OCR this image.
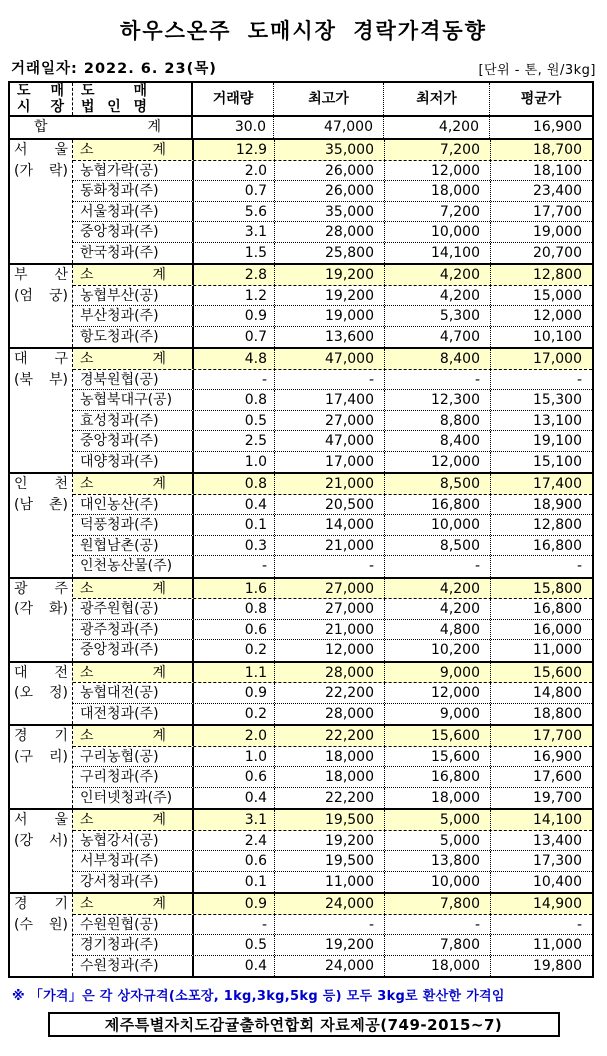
하우스온주 도매시장 경락가격동향
거래일자: 2022. 6. 23(목)	[단위 - 톤, 원/3kg]
도 매
시 장
도	매
법 인 명	거래량	최고가	최저가	평균가
합	계	30.0	47,000	4,200	16,900
서 울
(가 락)
소	계	12.9	35,000	7,200	18,700
농협가락(공)	2.0	26,000	12,000	18,100
동화청과(주)	0.7	26,000	18,000	23,400
서울청과(주)	5.6	35,000	7,200	17,700
중앙청과(주)	3.1	28,000	10,000	19,000
한국청과(주)	1.5	25,800	14,100	20,700
부 산
(엄 궁)
소	계	2.8	19,200	4,200	12,800
농협부산(공)	1.2	19,200	4,200	15,000
부산청과(주)	0.9	19,000	5,300	12,000
항도청과(주)	0.7	13,600	4,700	10,100
대 구
(북 부)
소	계	4.8	47,000	8,400	17,000
경북원협(공)	-	-	-	-
농협북대구(공)	0.8	17,400	12,300	15,300
효성청과(주)	0.5	27,000	8,800	13,100
중앙청과(주)	2.5	47,000	8,400	19,100
대양청과(주)	1.0	17,000	12,000	15,100
인 천
(남 촌)
소	계	0.8	21,000	8,500	17,400
대인농산(주)	0.4	20,500	16,800	18,900
덕풍청과(주)	0.1	14,000	10,000	12,800
원협남촌(공)	0.3	21,000	8,500	16,800
인천농산물(주)	-	-	-	-
광 주
(각 화)
소	계	1.6	27,000	4,200	15,800
광주원협(공)	0.8	27,000	4,200	16,800
광주청과(주)	0.6	21,000	4,800	16,000
중앙청과(주)	0.2	12,000	10,200	11,000
대 전
(오 정)
소	계	1.1	28,000	9,000	15,600
농협대전(공)	0.9	22,200	12,000	14,800
대전청과(주)	0.2	28,000	9,000	18,800
경 기
(구 리)
소	계	2.0	22,200	15,600	17,700
구리농협(공)	1.0	18,000	15,600	16,900
구리청과(주)	0.6	18,000	16,800	17,600
인터넷청과(주)	0.4	22,200	18,000	19,700
서 울
(강 서)
소	계	3.1	19,500	5,000	14,100
농협강서(공)	2.4	19,200	5,000	13,400
서부청과(주)	0.6	19,500	13,800	17,300
강서청과(주)	0.1	11,000	10,000	10,400
경 기
(수 원)
소	계	0.9	24,000	7,800	14,900
수원원협(공)	-	-	-	-
경기청과(주)	0.5	19,200	7,800	11,000
수원청과(주)	0.4	24,000	18,000	19,800
※ 「가격」은 각 상자규격(소포장, 1kg,3kg,5kg 등) 모두 3kg로 환산한 가격임
제주특별자치도감귤출하연합회 자료제공(749-2015~7)
